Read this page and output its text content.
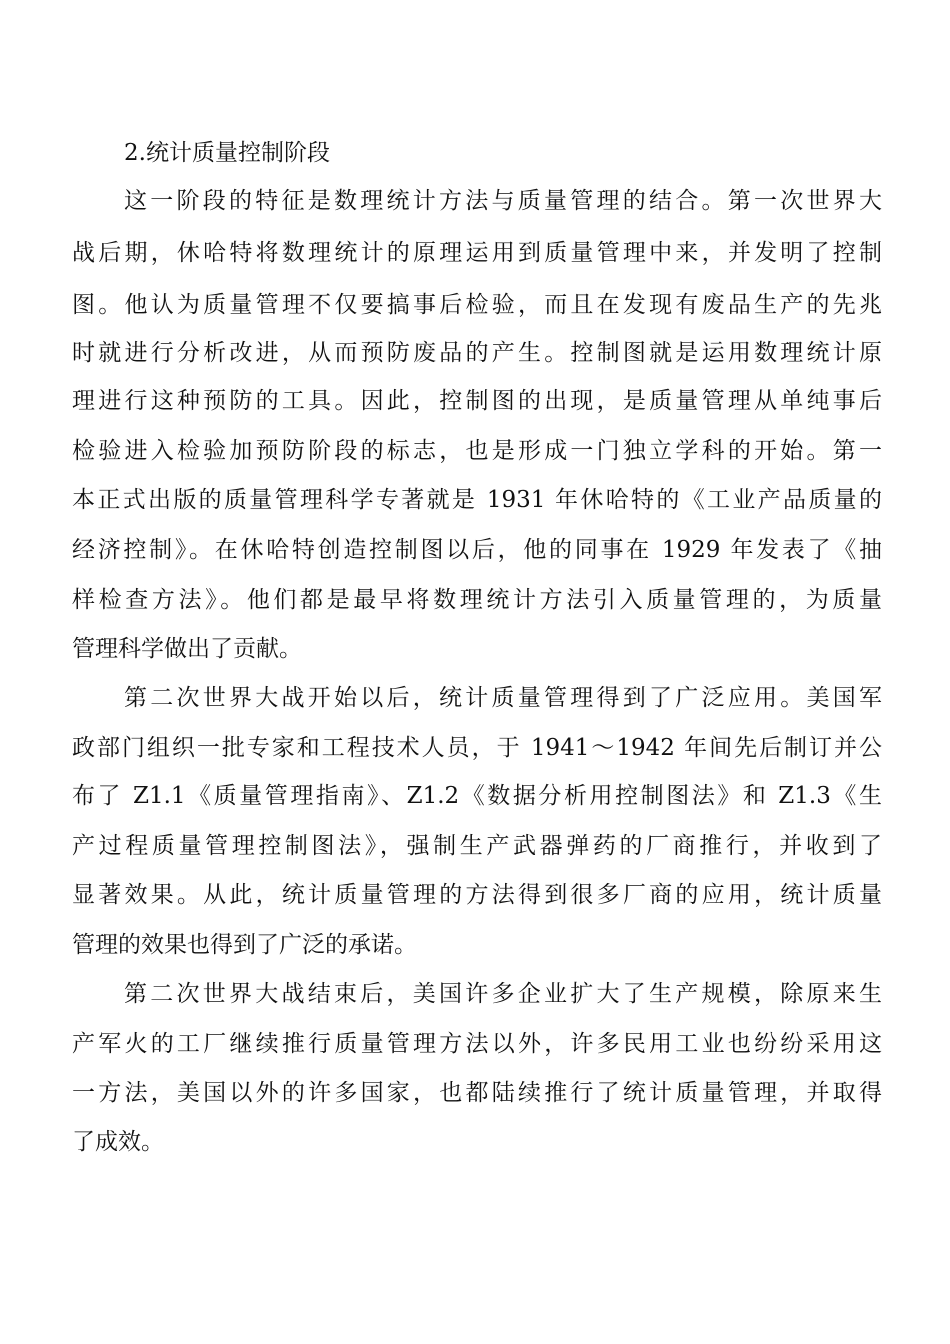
2.统计质量控制阶段
这一阶段的特征是数理统计方法与质量管理的结合。第一次世界大
战后期，休哈特将数理统计的原理运用到质量管理中来，并发明了控制
图。他认为质量管理不仅要搞事后检验，而且在发现有废品生产的先兆
时就进行分析改进，从而预防废品的产生。控制图就是运用数理统计原
理进行这种预防的工具。因此，控制图的出现，是质量管理从单纯事后
检验进入检验加预防阶段的标志，也是形成一门独立学科的开始。第一
本正式出版的质量管理科学专著就是 1931 年休哈特的《工业产品质量的
经济控制》。在休哈特创造控制图以后，他的同事在 1929 年发表了《抽
样检查方法》。他们都是最早将数理统计方法引入质量管理的，为质量
管理科学做出了贡献。
第二次世界大战开始以后，统计质量管理得到了广泛应用。美国军
政部门组织一批专家和工程技术人员，于 1941～1942 年间先后制订并公
布了 Z1.1《质量管理指南》、Z1.2《数据分析用控制图法》和 Z1.3《生
产过程质量管理控制图法》，强制生产武器弹药的厂商推行，并收到了
显著效果。从此，统计质量管理的方法得到很多厂商的应用，统计质量
管理的效果也得到了广泛的承诺。
第二次世界大战结束后，美国许多企业扩大了生产规模，除原来生
产军火的工厂继续推行质量管理方法以外，许多民用工业也纷纷采用这
一方法，美国以外的许多国家，也都陆续推行了统计质量管理，并取得
了成效。
